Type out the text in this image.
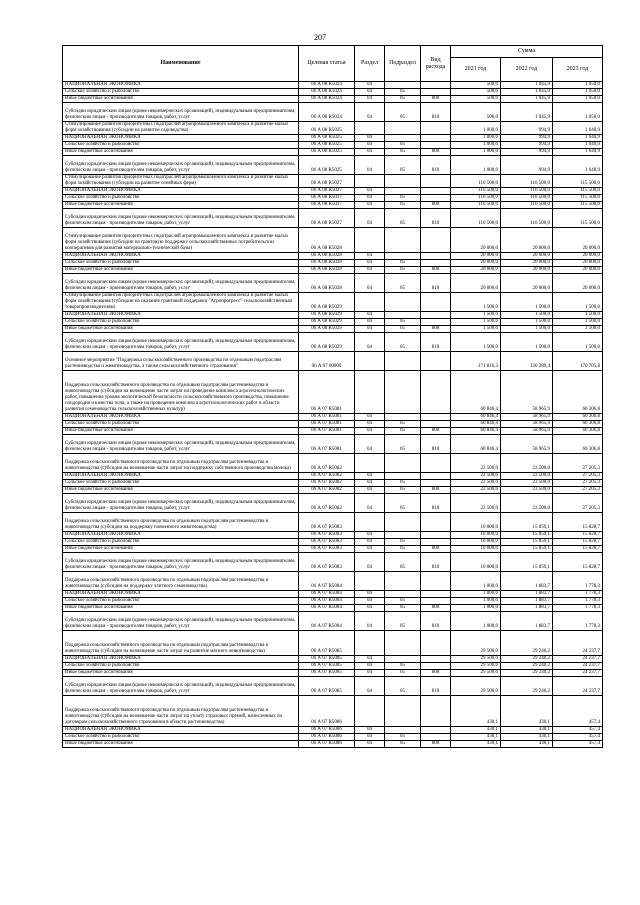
207
Наименование	Целевая статья	Раздел	Подраздел	Вид расхода	Сумма		
					2021 год	2022 год	2023 год
НАЦИОНАЛЬНАЯ ЭКОНОМИКА	06 А 08 R5024	04			500,0	1 045,9	1 050,0
Сельское хозяйство и рыболовство	06 А 08 R5024	04	05		500,0	1 045,9	1 050,0
Иные бюджетные ассигнования	06 А 08 R5024	04	05	800	500,0	1 045,9	1 050,0
Субсидии юридическим лицам (кроме некоммерческих организаций), индивидуальным предпринимателям, физическим лицам - производителям товаров, работ, услуг	06 А 08 R5024	04	05	810	500,0	1 045,9	1 050,0
Стимулирование развития приоритетных подотраслей агропромышленного комплекса и развитие малых форм хозяйствования (субсидии на развитие садоводства)	06 А 08 R5025				1 000,0	994,9	1 640,9
НАЦИОНАЛЬНАЯ ЭКОНОМИКА	06 А 08 R5025	04			1 000,0	994,9	1 640,9
Сельское хозяйство и рыболовство	06 А 08 R5025	04	05		1 000,0	994,9	1 640,9
Иные бюджетные ассигнования	06 А 08 R5025	04	05	800	1 000,0	994,9	1 640,9
Субсидии юридическим лицам (кроме некоммерческих организаций), индивидуальным предпринимателям, физическим лицам - производителям товаров, работ, услуг	06 А 08 R5025	04	05	810	1 000,0	994,9	1 640,9
Стимулирование развития приоритетных подотраслей агропромышленного комплекса и развитие малых форм хозяйствования (субсидии на развитие семейных ферм)	06 А 08 R5027				116 500,0	116 500,0	115 500,0
НАЦИОНАЛЬНАЯ ЭКОНОМИКА	06 А 08 R5027	04			116 500,0	116 500,0	115 500,0
Сельское хозяйство и рыболовство	06 А 08 R5027	04	05		116 500,0	116 500,0	115 500,0
Иные бюджетные ассигнования	06 А 08 R5027	04	05	800	116 500,0	116 500,0	115 500,0
Субсидии юридическим лицам (кроме некоммерческих организаций), индивидуальным предпринимателям, физическим лицам - производителям товаров, работ, услуг	06 А 08 R5027	04	05	810	116 500,0	116 500,0	115 500,0
Стимулирование развития приоритетных подотраслей агропромышленного комплекса и развитие малых форм хозяйствования (субсидии на грантовую поддержку сельскохозяйственных потребительских кооперативов для развития материально-технической базы)	06 А 08 R5028				20 000,0	20 000,0	20 000,0
НАЦИОНАЛЬНАЯ ЭКОНОМИКА	06 А 08 R5028	04			20 000,0	20 000,0	20 000,0
Сельское хозяйство и рыболовство	06 А 08 R5028	04	05		20 000,0	20 000,0	20 000,0
Иные бюджетные ассигнования	06 А 08 R5028	04	05	800	20 000,0	20 000,0	20 000,0
Субсидии юридическим лицам (кроме некоммерческих организаций), индивидуальным предпринимателям, физическим лицам - производителям товаров, работ, услуг	06 А 08 R5028	04	05	810	20 000,0	20 000,0	20 000,0
Стимулирование развития приоритетных подотраслей агропромышленного комплекса и развитие малых форм хозяйствования (субсидии на оказание грантовой поддержки "Агропрогресс" сельскохозяйственным товаропроизводителям)	06 А 08 R5029				1 500,0	1 500,0	1 500,0
НАЦИОНАЛЬНАЯ ЭКОНОМИКА	06 А 08 R5029	04			1 500,0	1 500,0	1 500,0
Сельское хозяйство и рыболовство	06 А 08 R5029	04	05		1 500,0	1 500,0	1 500,0
Иные бюджетные ассигнования	06 А 08 R5029	04	05	800	1 500,0	1 500,0	1 500,0
Субсидии юридическим лицам (кроме некоммерческих организаций), индивидуальным предпринимателям, физическим лицам - производителям товаров, работ, услуг	06 А 08 R5029	04	05	810	1 500,0	1 500,0	1 500,0
Основное мероприятие "Поддержка сельскохозяйственного производства по отдельным подотраслям растениеводства и животноводства, а также сельскохозяйственного страхования"	06 А 07 00000				171 816,3	130 289,4	170 705,8
Поддержка сельскохозяйственного производства по отдельным подотраслям растениеводства и животноводства (субсидии на возмещение части затрат на проведение комплекса агротехнологических работ, повышение уровня экологической безопасности сельскохозяйственного производства, повышение плодородия и качества почв, а также на проведение комплекса агротехнологических работ в области развития семеноводства сельскохозяйственных культур)	06 А 07 R5081				60 846,4	58 965,9	60 306,8
НАЦИОНАЛЬНАЯ ЭКОНОМИКА	06 А 07 R5081	04			60 846,4	58 965,9	60 306,8
Сельское хозяйство и рыболовство	06 А 07 R5081	04	05		60 846,4	58 965,9	60 306,8
Иные бюджетные ассигнования	06 А 07 R5081	04	05	800	60 846,4	58 965,9	60 306,8
Субсидии юридическим лицам (кроме некоммерческих организаций), индивидуальным предпринимателям, физическим лицам - производителям товаров, работ, услуг	06 А 07 R5081	04	05	810	60 846,4	58 965,9	60 306,8
Поддержка сельскохозяйственного производства по отдельным подотраслям растениеводства и животноводства (субсидии на возмещение части затрат на поддержку собственного производства молока)	06 А 07 R5082				22 500,0	23 500,0	27 205,3
НАЦИОНАЛЬНАЯ ЭКОНОМИКА	06 А 07 R5082	04			22 500,0	23 500,0	27 205,3
Сельское хозяйство и рыболовство	06 А 07 R5082	04	05		22 500,0	23 500,0	27 205,3
Иные бюджетные ассигнования	06 А 07 R5082	04	05	800	22 500,0	23 500,0	27 205,3
Субсидии юридическим лицам (кроме некоммерческих организаций), индивидуальным предпринимателям, физическим лицам - производителям товаров, работ, услуг	06 А 07 R5082	04	05	810	22 500,0	23 500,0	27 205,3
Поддержка сельскохозяйственного производства по отдельным подотраслям растениеводства и животноводства (субсидии на поддержку племенного животноводства)	06 А 07 R5083				16 000,0	15 859,1	15 828,7
НАЦИОНАЛЬНАЯ ЭКОНОМИКА	06 А 07 R5083	04			16 000,0	15 859,1	15 828,7
Сельское хозяйство и рыболовство	06 А 07 R5083	04	05		16 000,0	15 859,1	15 828,7
Иные бюджетные ассигнования	06 А 07 R5083	04	05	800	16 000,0	15 859,1	15 828,7
Субсидии юридическим лицам (кроме некоммерческих организаций), индивидуальным предпринимателям, физическим лицам - производителям товаров, работ, услуг	06 А 07 R5083	04	05	810	16 000,0	15 859,1	15 828,7
Поддержка сельскохозяйственного производства по отдельным подотраслям растениеводства и животноводства (субсидии на поддержку элитного семеноводства)	06 А 07 R5084				1 000,0	1 883,7	1 778,3
НАЦИОНАЛЬНАЯ ЭКОНОМИКА	06 А 07 R5084	04			1 000,0	1 883,7	1 778,3
Сельское хозяйство и рыболовство	06 А 07 R5084	04	05		1 000,0	1 883,7	1 778,3
Иные бюджетные ассигнования	06 А 07 R5084	04	05	800	1 000,0	1 883,7	1 778,3
Субсидии юридическим лицам (кроме некоммерческих организаций), индивидуальным предпринимателям, физическим лицам - производителям товаров, работ, услуг	06 А 07 R5084	04	05	810	1 000,0	1 883,7	1 778,3
Поддержка сельскохозяйственного производства по отдельным подотраслям растениеводства и животноводства (субсидии на возмещение части затрат на развитие мясного животноводства)	06 А 07 R5085				29 500,0	29 240,2	24 237,7
НАЦИОНАЛЬНАЯ ЭКОНОМИКА	06 А 07 R5085	04			29 500,0	29 240,2	24 237,7
Сельское хозяйство и рыболовство	06 А 07 R5085	04	05		29 500,0	29 240,2	24 237,7
Иные бюджетные ассигнования	06 А 07 R5085	04	05	800	29 500,0	29 240,2	24 237,7
Субсидии юридическим лицам (кроме некоммерческих организаций), индивидуальным предпринимателям, физическим лицам - производителям товаров, работ, услуг	06 А 07 R5085	04	05	810	29 500,0	29 240,2	24 237,7
Поддержка сельскохозяйственного производства по отдельным подотраслям растениеводства и животноводства (субсидии на возмещение части затрат на уплату страховых премий, начисленных по договорам сельскохозяйственного страхования в области растениеводства)	06 А 07 R5086				430,1	430,1	457,4
НАЦИОНАЛЬНАЯ ЭКОНОМИКА	06 А 07 R5086	04			430,1	430,1	457,4
Сельское хозяйство и рыболовство	06 А 07 R5086	04	05		430,1	430,1	457,4
Иные бюджетные ассигнования	06 А 07 R5086	04	05	800	430,1	430,1	457,4
